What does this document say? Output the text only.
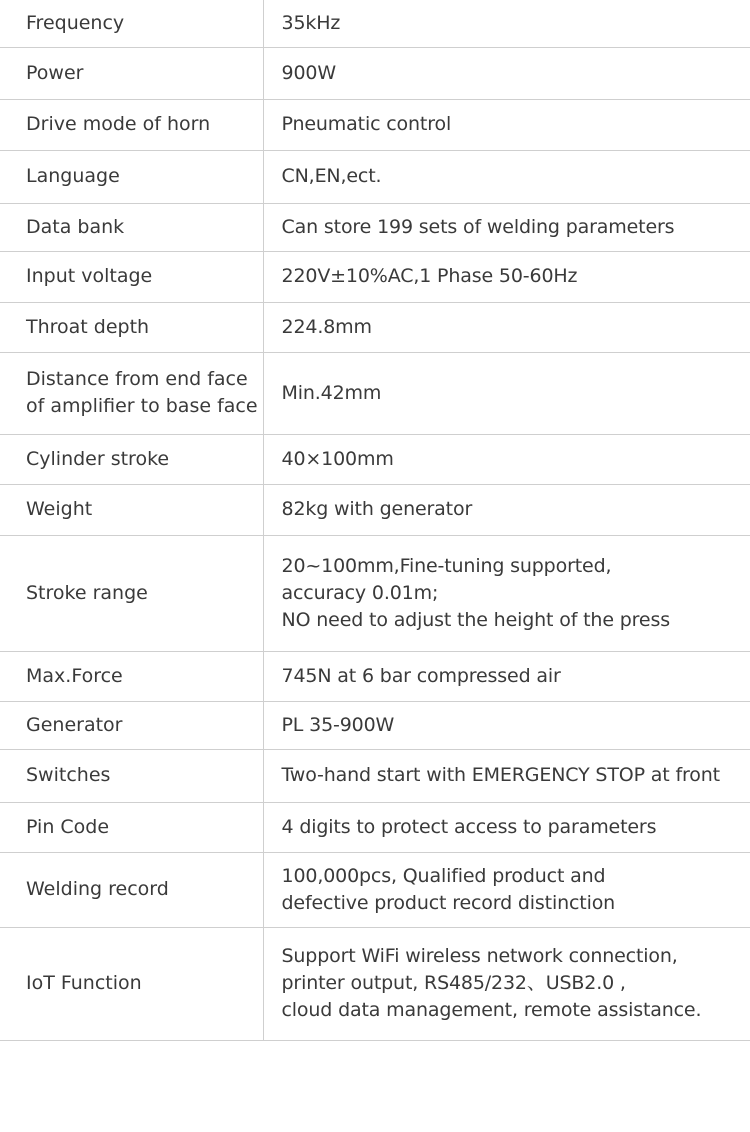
Frequency	35kHz

Power	900W

Drive mode of horn	Pneumatic control

Language	CN,EN,ect.

Data bank	Can store 199 sets of welding parameters

Input voltage	220V±10%AC,1 Phase 50-60Hz

Throat depth	224.8mm

Distance from end face
of amplifier to base face	Min.42mm

Cylinder stroke	40×100mm

Weight	82kg with generator

Stroke range	20~100mm,Fine-tuning supported,
accuracy 0.01m;
NO need to adjust the height of the press

Max.Force	745N at 6 bar compressed air

Generator	PL 35-900W

Switches	Two-hand start with EMERGENCY STOP at front

Pin Code	4 digits to protect access to parameters

Welding record	100,000pcs, Qualified product and
defective product record distinction

IoT Function	Support WiFi wireless network connection,
printer output, RS485/232、USB2.0 ,
cloud data management, remote assistance.
